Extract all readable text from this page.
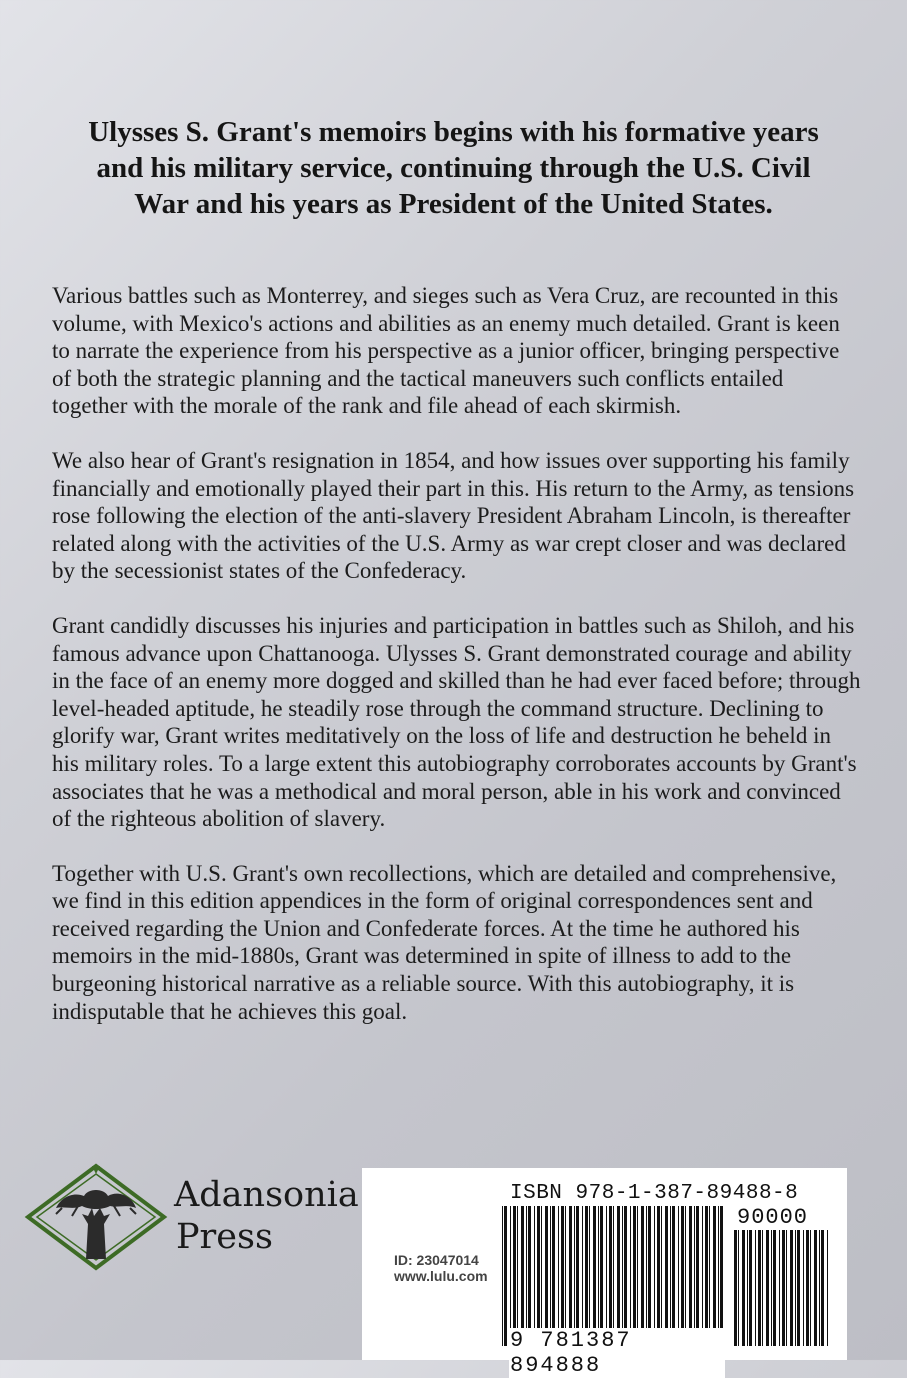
Ulysses S. Grant's memoirs begins with his formative years and his military service, continuing through the U.S. Civil War and his years as President of the United States.

Various battles such as Monterrey, and sieges such as Vera Cruz, are recounted in this volume, with Mexico's actions and abilities as an enemy much detailed. Grant is keen to narrate the experience from his perspective as a junior officer, bringing perspective of both the strategic planning and the tactical maneuvers such conflicts entailed together with the morale of the rank and file ahead of each skirmish.

We also hear of Grant's resignation in 1854, and how issues over supporting his family financially and emotionally played their part in this. His return to the Army, as tensions rose following the election of the anti-slavery President Abraham Lincoln, is thereafter related along with the activities of the U.S. Army as war crept closer and was declared by the secessionist states of the Confederacy.

Grant candidly discusses his injuries and participation in battles such as Shiloh, and his famous advance upon Chattanooga. Ulysses S. Grant demonstrated courage and ability in the face of an enemy more dogged and skilled than he had ever faced before; through level-headed aptitude, he steadily rose through the command structure. Declining to glorify war, Grant writes meditatively on the loss of life and destruction he beheld in his military roles. To a large extent this autobiography corroborates accounts by Grant's associates that he was a methodical and moral person, able in his work and convinced of the righteous abolition of slavery.

Together with U.S. Grant's own recollections, which are detailed and comprehensive, we find in this edition appendices in the form of original correspondences sent and received regarding the Union and Confederate forces. At the time he authored his memoirs in the mid-1880s, Grant was determined in spite of illness to add to the burgeoning historical narrative as a reliable source. With this autobiography, it is indisputable that he achieves this goal.

Adansonia
Press
ISBN 978-1-387-89488-8
90000
ID: 23047014
www.lulu.com
9 781387 894888
